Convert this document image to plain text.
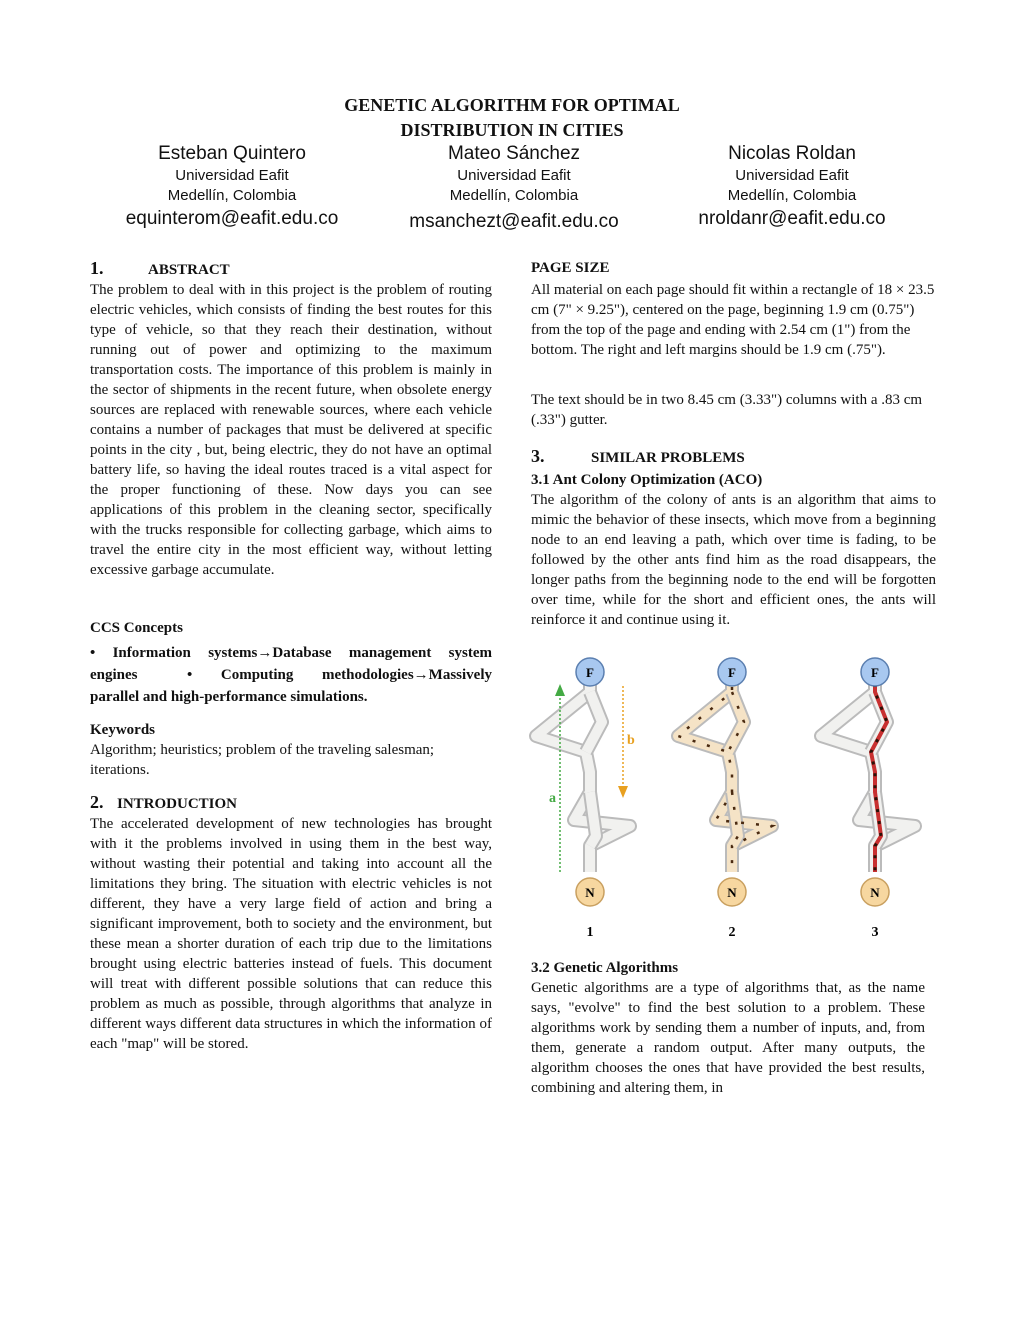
GENETIC ALGORITHM FOR OPTIMAL
DISTRIBUTION IN CITIES
Esteban Quintero
Universidad Eafit
Medellín, Colombia
equinterom@eafit.edu.co
Mateo Sánchez
Universidad Eafit
Medellín, Colombia
msanchezt@eafit.edu.co
Nicolas Roldan
Universidad Eafit
Medellín, Colombia
nroldanr@eafit.edu.co
1.	ABSTRACT
The problem to deal with in this project is the problem of routing electric vehicles, which consists of finding the best routes for this type of vehicle, so that they reach their destination, without running out of power and optimizing to the maximum transportation costs. The importance of this problem is mainly in the sector of shipments in the recent future, when obsolete energy sources are replaced with renewable sources, where each vehicle contains a number of packages that must be delivered at specific points in the city , but, being electric, they do not have an optimal battery life, so having the ideal routes traced is a vital aspect for the proper functioning of these. Now days you can see applications of this problem in the cleaning sector, specifically with the trucks responsible for collecting garbage, which aims to travel the entire city in the most efficient way, without letting excessive garbage accumulate.
CCS Concepts
• Information systems→Database management system
engines	• Computing methodologies→Massively
parallel and high-performance simulations.
Keywords
Algorithm; heuristics; problem of the traveling salesman; iterations.
2. INTRODUCTION
The accelerated development of new technologies has brought with it the problems involved in using them in the best way, without wasting their potential and taking into account all the limitations they bring. The situation with electric vehicles is not different, they have a very large field of action and bring a significant improvement, both to society and the environment, but these mean a shorter duration of each trip due to the limitations brought using electric batteries instead of fuels. This document will treat with different possible solutions that can reduce this problem as much as possible, through algorithms that analyze in different ways different data structures in which the information of each "map" will be stored.
PAGE SIZE
All material on each page should fit within a rectangle of 18 × 23.5 cm (7" × 9.25"), centered on the page, beginning 1.9 cm (0.75") from the top of the page and ending with 2.54 cm (1") from the bottom. The right and left margins should be 1.9 cm (.75").
The text should be in two 8.45 cm (3.33") columns with a .83 cm (.33") gutter.
3.	SIMILAR PROBLEMS
3.1 Ant Colony Optimization (ACO)
The algorithm of the colony of ants is an algorithm that aims to mimic the behavior of these insects, which move from a beginning node to an end leaving a path, which over time is fading, to be followed by the other ants find him as the road disappears, the longer paths from the beginning node to the end will be forgotten over time, while for the short and efficient ones, the ants will reinforce it and continue using it.
F	F	F
N	N	N
a
b
1	2	3
3.2 Genetic Algorithms
Genetic algorithms are a type of algorithms that, as the name says, "evolve" to find the best solution to a problem. These algorithms work by sending them a number of inputs, and, from them, generate a random output. After many outputs, the algorithm chooses the ones that have provided the best results, combining and altering them, in
